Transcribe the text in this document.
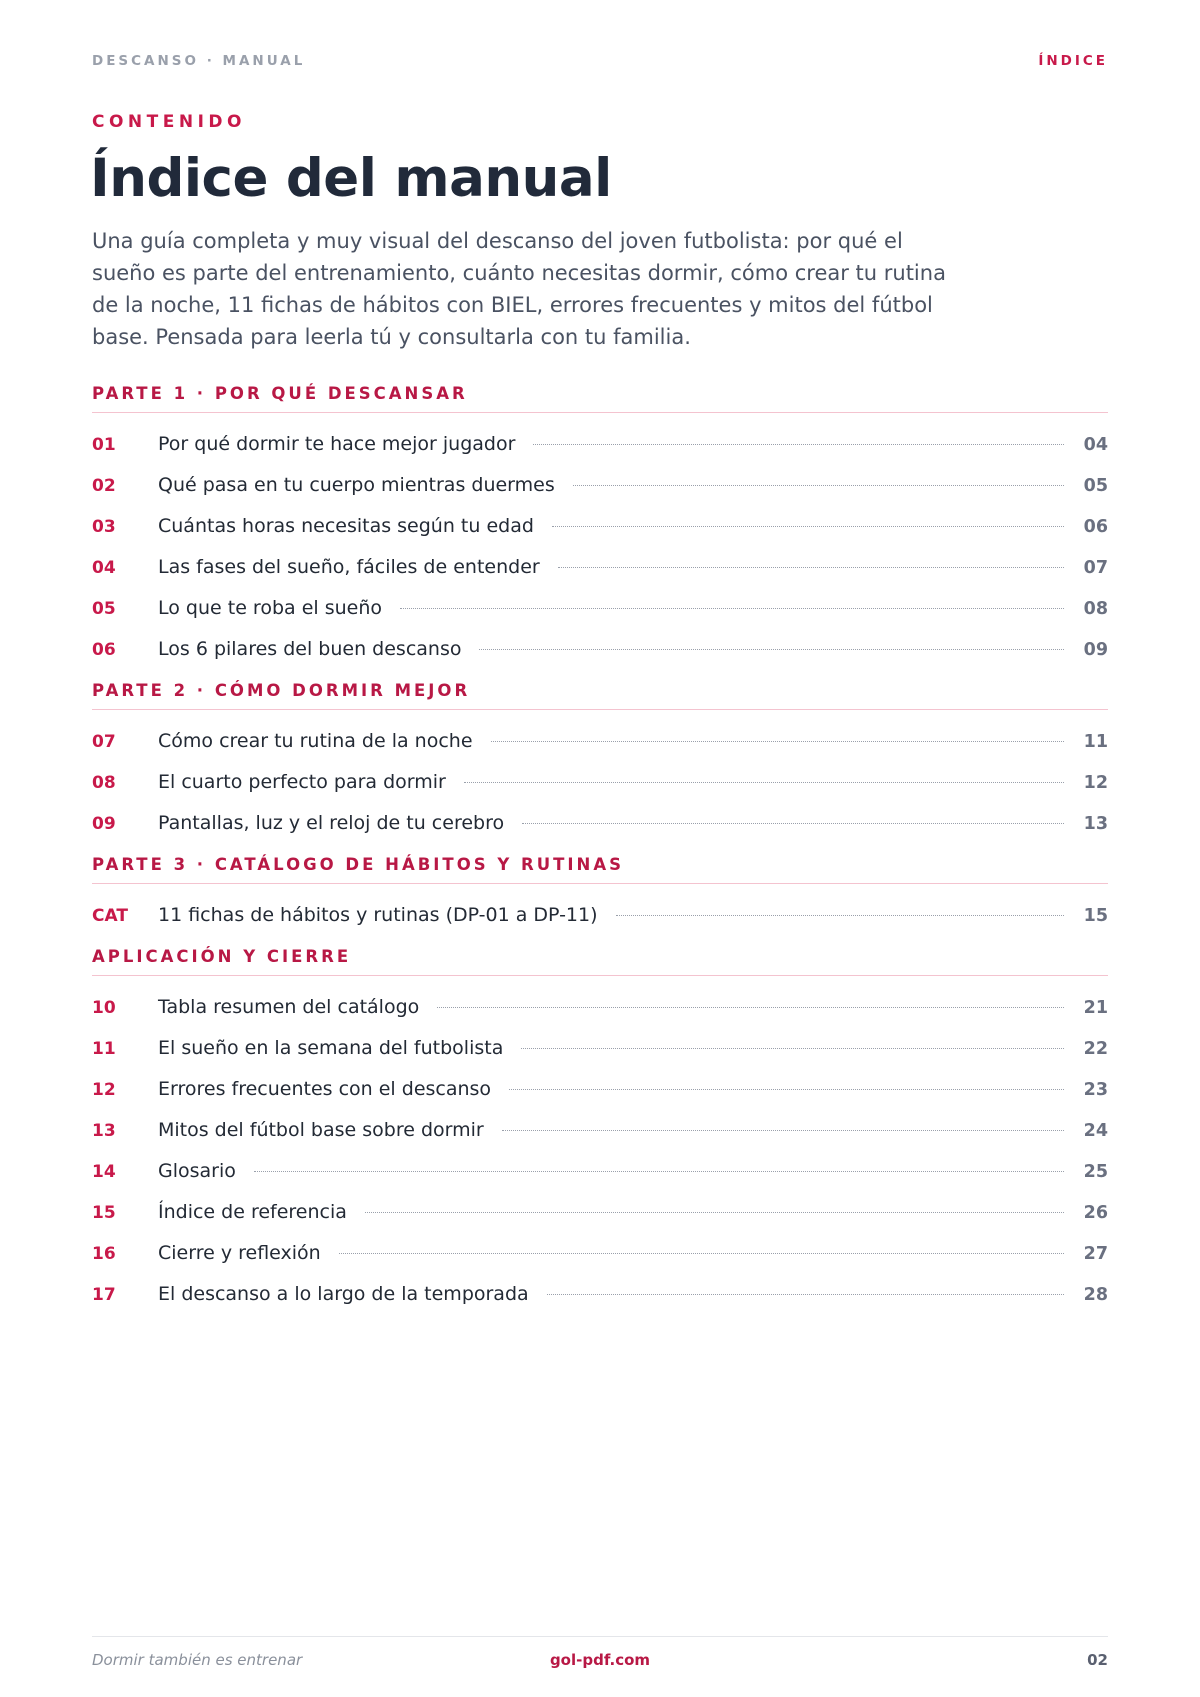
DESCANSO · MANUAL	ÍNDICE
CONTENIDO
Índice del manual

Una guía completa y muy visual del descanso del joven futbolista: por qué el sueño es parte del entrenamiento, cuánto necesitas dormir, cómo crear tu rutina de la noche, 11 fichas de hábitos con BIEL, errores frecuentes y mitos del fútbol base. Pensada para leerla tú y consultarla con tu familia.

PARTE 1 · POR QUÉ DESCANSAR
01	Por qué dormir te hace mejor jugador	04
02	Qué pasa en tu cuerpo mientras duermes	05
03	Cuántas horas necesitas según tu edad	06
04	Las fases del sueño, fáciles de entender	07
05	Lo que te roba el sueño	08
06	Los 6 pilares del buen descanso	09
PARTE 2 · CÓMO DORMIR MEJOR
07	Cómo crear tu rutina de la noche	11
08	El cuarto perfecto para dormir	12
09	Pantallas, luz y el reloj de tu cerebro	13
PARTE 3 · CATÁLOGO DE HÁBITOS Y RUTINAS
CAT	11 fichas de hábitos y rutinas (DP-01 a DP-11)	15
APLICACIÓN Y CIERRE
10	Tabla resumen del catálogo	21
11	El sueño en la semana del futbolista	22
12	Errores frecuentes con el descanso	23
13	Mitos del fútbol base sobre dormir	24
14	Glosario	25
15	Índice de referencia	26
16	Cierre y reflexión	27
17	El descanso a lo largo de la temporada	28
Dormir también es entrenar	gol-pdf.com	02
